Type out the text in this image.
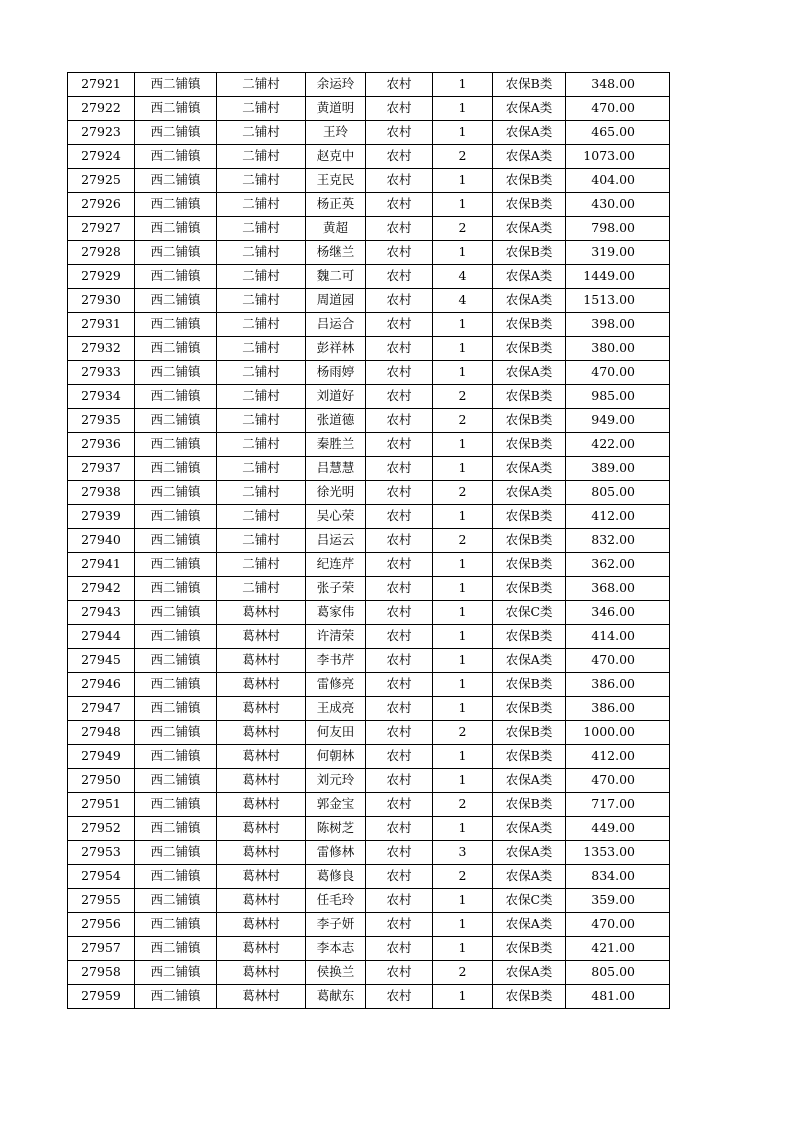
27921	西二铺镇	二铺村	余运玲	农村	1	农保B类	348.00
27922	西二铺镇	二铺村	黄道明	农村	1	农保A类	470.00
27923	西二铺镇	二铺村	王玲	农村	1	农保A类	465.00
27924	西二铺镇	二铺村	赵克中	农村	2	农保A类	1073.00
27925	西二铺镇	二铺村	王克民	农村	1	农保B类	404.00
27926	西二铺镇	二铺村	杨正英	农村	1	农保B类	430.00
27927	西二铺镇	二铺村	黄超	农村	2	农保A类	798.00
27928	西二铺镇	二铺村	杨继兰	农村	1	农保B类	319.00
27929	西二铺镇	二铺村	魏二可	农村	4	农保A类	1449.00
27930	西二铺镇	二铺村	周道园	农村	4	农保A类	1513.00
27931	西二铺镇	二铺村	吕运合	农村	1	农保B类	398.00
27932	西二铺镇	二铺村	彭祥林	农村	1	农保B类	380.00
27933	西二铺镇	二铺村	杨雨婷	农村	1	农保A类	470.00
27934	西二铺镇	二铺村	刘道好	农村	2	农保B类	985.00
27935	西二铺镇	二铺村	张道德	农村	2	农保B类	949.00
27936	西二铺镇	二铺村	秦胜兰	农村	1	农保B类	422.00
27937	西二铺镇	二铺村	吕慧慧	农村	1	农保A类	389.00
27938	西二铺镇	二铺村	徐光明	农村	2	农保A类	805.00
27939	西二铺镇	二铺村	吴心荣	农村	1	农保B类	412.00
27940	西二铺镇	二铺村	吕运云	农村	2	农保B类	832.00
27941	西二铺镇	二铺村	纪连芹	农村	1	农保B类	362.00
27942	西二铺镇	二铺村	张子荣	农村	1	农保B类	368.00
27943	西二铺镇	葛林村	葛家伟	农村	1	农保C类	346.00
27944	西二铺镇	葛林村	许清荣	农村	1	农保B类	414.00
27945	西二铺镇	葛林村	李书芹	农村	1	农保A类	470.00
27946	西二铺镇	葛林村	雷修亮	农村	1	农保B类	386.00
27947	西二铺镇	葛林村	王成亮	农村	1	农保B类	386.00
27948	西二铺镇	葛林村	何友田	农村	2	农保B类	1000.00
27949	西二铺镇	葛林村	何朝林	农村	1	农保B类	412.00
27950	西二铺镇	葛林村	刘元玲	农村	1	农保A类	470.00
27951	西二铺镇	葛林村	郭金宝	农村	2	农保B类	717.00
27952	西二铺镇	葛林村	陈树芝	农村	1	农保A类	449.00
27953	西二铺镇	葛林村	雷修林	农村	3	农保A类	1353.00
27954	西二铺镇	葛林村	葛修良	农村	2	农保A类	834.00
27955	西二铺镇	葛林村	任毛玲	农村	1	农保C类	359.00
27956	西二铺镇	葛林村	李子妍	农村	1	农保A类	470.00
27957	西二铺镇	葛林村	李本志	农村	1	农保B类	421.00
27958	西二铺镇	葛林村	侯换兰	农村	2	农保A类	805.00
27959	西二铺镇	葛林村	葛献东	农村	1	农保B类	481.00
